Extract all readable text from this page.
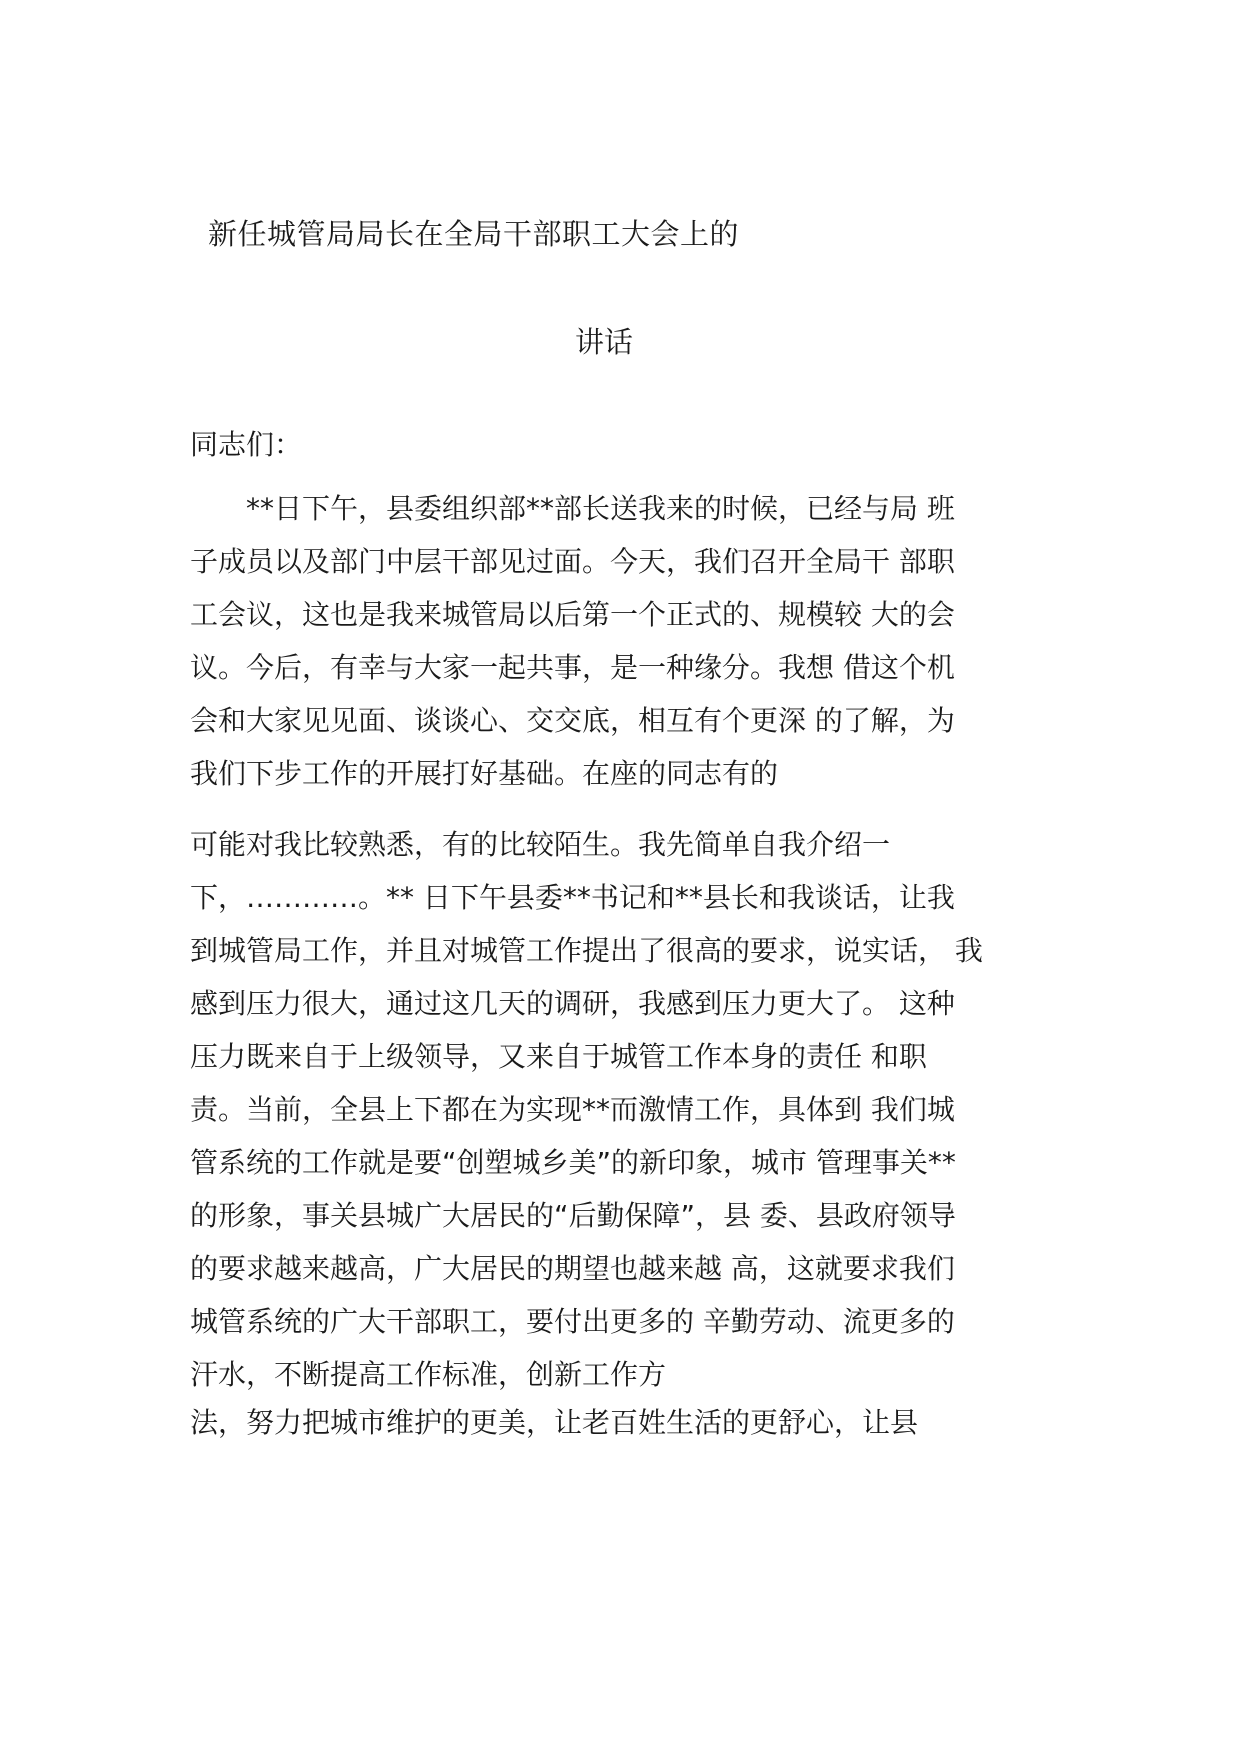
新任城管局局长在全局干部职工大会上的
讲话
同志们：
　　**日下午，县委组织部**部长送我来的时候，已经与局 班
子成员以及部门中层干部见过面。今天，我们召开全局干 部职
工会议，这也是我来城管局以后第一个正式的、规模较 大的会
议。今后，有幸与大家一起共事，是一种缘分。我想 借这个机
会和大家见见面、谈谈心、交交底，相互有个更深 的了解，为
我们下步工作的开展打好基础。在座的同志有的
可能对我比较熟悉，有的比较陌生。我先简单自我介绍一
下，…………。** 日下午县委**书记和**县长和我谈话，让我
到城管局工作，并且对城管工作提出了很高的要求，说实话， 我
感到压力很大，通过这几天的调研，我感到压力更大了。 这种
压力既来自于上级领导，又来自于城管工作本身的责任 和职
责。当前，全县上下都在为实现**而激情工作，具体到 我们城
管系统的工作就是要“创塑城乡美”的新印象，城市 管理事关**
的形象，事关县城广大居民的“后勤保障”，县 委、县政府领导
的要求越来越高，广大居民的期望也越来越 高，这就要求我们
城管系统的广大干部职工，要付出更多的 辛勤劳动、流更多的
汗水，不断提高工作标准，创新工作方
法，努力把城市维护的更美，让老百姓生活的更舒心，让县
